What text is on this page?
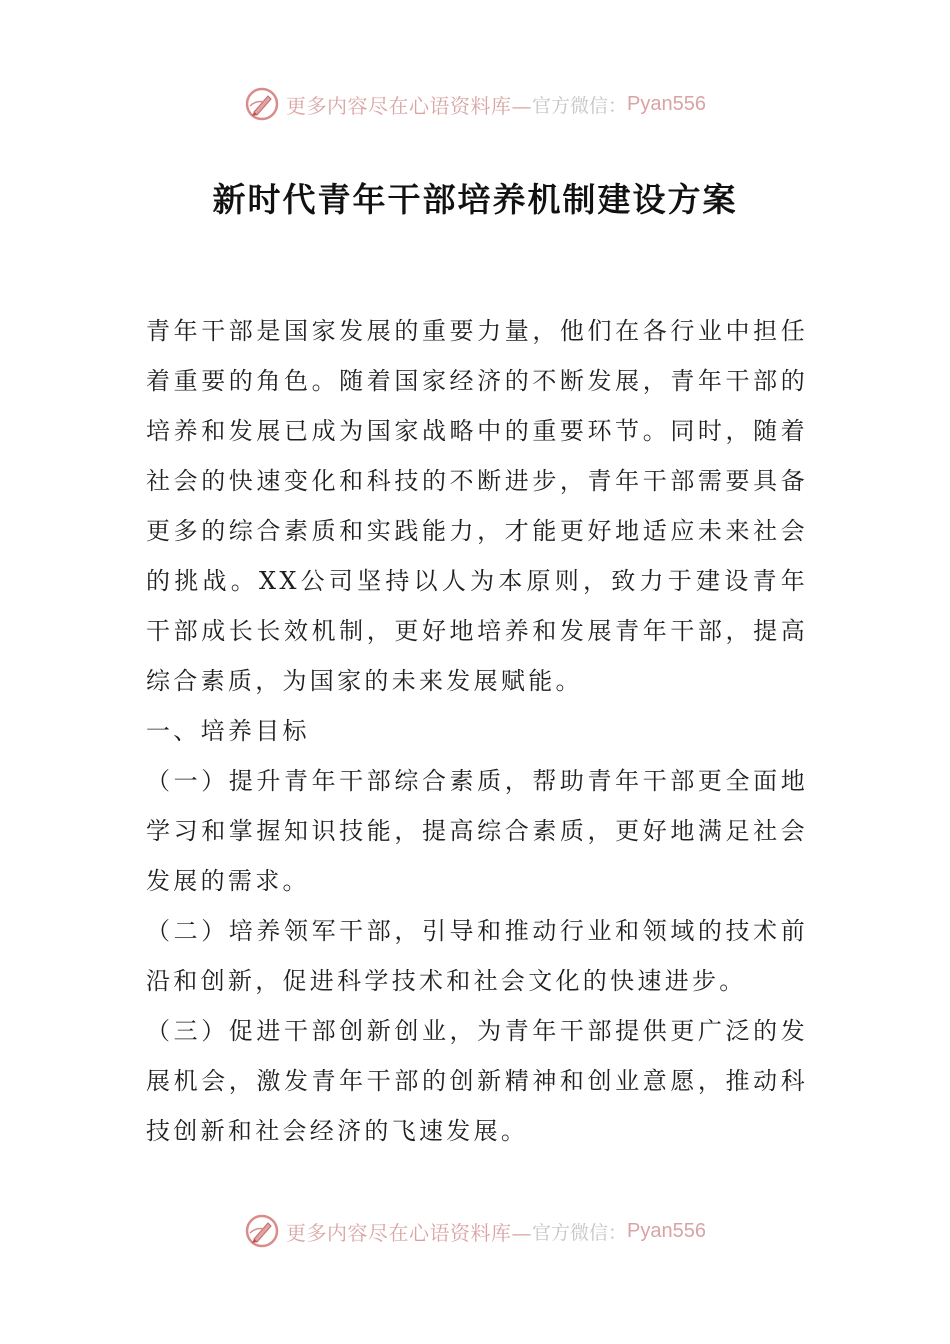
更多内容尽在心语资料库— 官方微信： Pyan556
新时代青年干部培养机制建设方案

青年干部是国家发展的重要力量，他们在各行业中担任着重要的角色。随着国家经济的不断发展，青年干部的培养和发展已成为国家战略中的重要环节。同时，随着社会的快速变化和科技的不断进步，青年干部需要具备更多的综合素质和实践能力，才能更好地适应未来社会的挑战。XX公司坚持以人为本原则，致力于建设青年干部成长长效机制，更好地培养和发展青年干部，提高综合素质，为国家的未来发展赋能。

一、培养目标

（一）提升青年干部综合素质，帮助青年干部更全面地学习和掌握知识技能，提高综合素质，更好地满足社会发展的需求。

（二）培养领军干部，引导和推动行业和领域的技术前沿和创新，促进科学技术和社会文化的快速进步。

（三）促进干部创新创业，为青年干部提供更广泛的发展机会，激发青年干部的创新精神和创业意愿，推动科技创新和社会经济的飞速发展。

更多内容尽在心语资料库— 官方微信： Pyan556
